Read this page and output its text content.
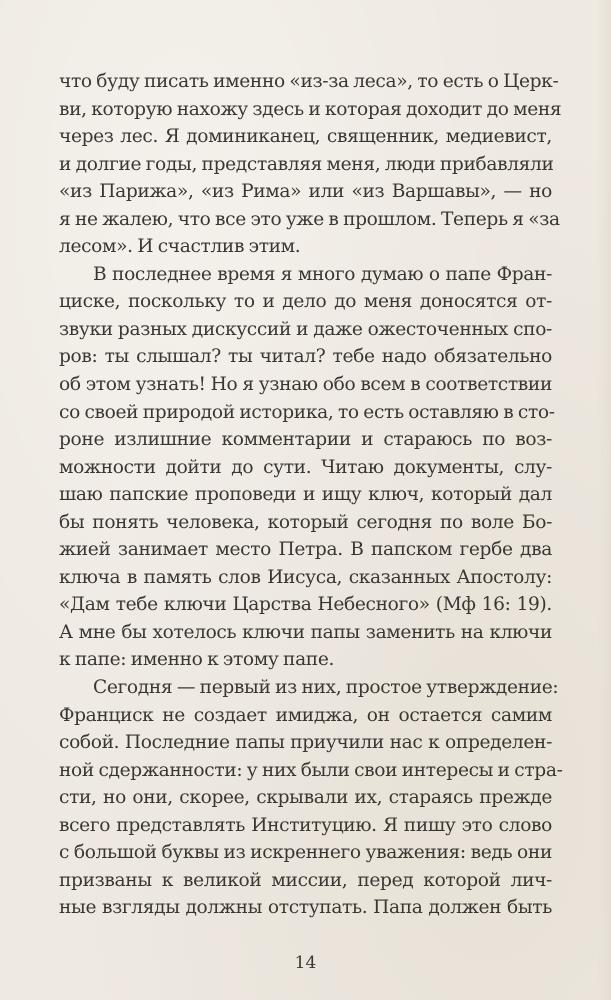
что буду писать именно «из-за леса», то есть о Церк-
ви, которую нахожу здесь и которая доходит до меня
через лес. Я доминиканец, священник, медиевист,
и долгие годы, представляя меня, люди прибавляли
«из Парижа», «из Рима» или «из Варшавы», — но
я не жалею, что все это уже в прошлом. Теперь я «за
лесом». И счастлив этим.
В последнее время я много думаю о папе Фран-
циске, поскольку то и дело до меня доносятся от-
звуки разных дискуссий и даже ожесточенных спо-
ров: ты слышал? ты читал? тебе надо обязательно
об этом узнать! Но я узнаю обо всем в соответствии
со своей природой историка, то есть оставляю в сто-
роне излишние комментарии и стараюсь по воз-
можности дойти до сути. Читаю документы, слу-
шаю папские проповеди и ищу ключ, который дал
бы понять человека, который сегодня по воле Бо-
жией занимает место Петра. В папском гербе два
ключа в память слов Иисуса, сказанных Апостолу:
«Дам тебе ключи Царства Небесного» (Мф 16: 19).
А мне бы хотелось ключи папы заменить на ключи
к папе: именно к этому папе.
Сегодня — первый из них, простое утверждение:
Франциск не создает имиджа, он остается самим
собой. Последние папы приучили нас к определен-
ной сдержанности: у них были свои интересы и стра-
сти, но они, скорее, скрывали их, стараясь прежде
всего представлять Институцию. Я пишу это слово
с большой буквы из искреннего уважения: ведь они
призваны к великой миссии, перед которой лич-
ные взгляды должны отступать. Папа должен быть
14
